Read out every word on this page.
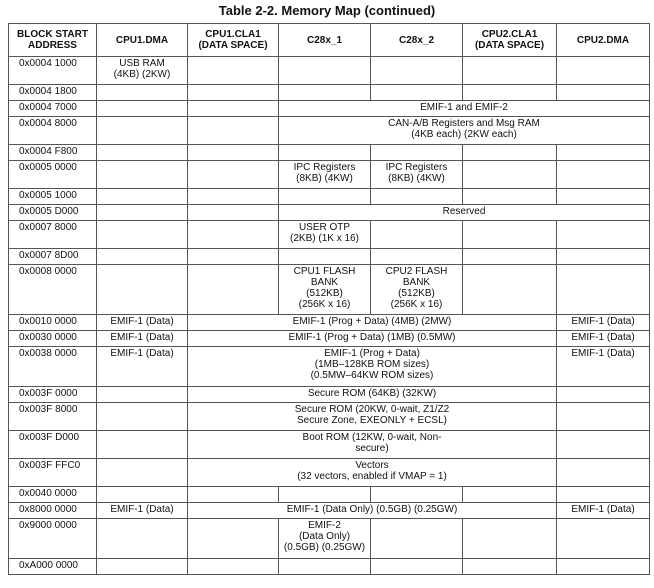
Table 2-2. Memory Map (continued)
BLOCK START
ADDRESS	CPU1.DMA	CPU1.CLA1
(DATA SPACE)	C28x_1	C28x_2	CPU2.CLA1
(DATA SPACE)	CPU2.DMA
0x0004 1000	USB RAM
(4KB) (2KW)					
0x0004 1800						
0x0004 7000			EMIF-1 and EMIF-2			
0x0004 8000			CAN-A/B Registers and Msg RAM
(4KB each) (2KW each)			
0x0004 F800						
0x0005 0000			IPC Registers
(8KB) (4KW)	IPC Registers
(8KB) (4KW)		
0x0005 1000						
0x0005 D000			Reserved			
0x0007 8000			USER OTP
(2KB) (1K x 16)			
0x0007 8D00						
0x0008 0000			CPU1 FLASH
BANK
(512KB)
(256K x 16)	CPU2 FLASH
BANK
(512KB)
(256K x 16)		
0x0010 0000	EMIF-1 (Data)	EMIF-1 (Prog + Data) (4MB) (2MW)				EMIF-1 (Data)
0x0030 0000	EMIF-1 (Data)	EMIF-1 (Prog + Data) (1MB) (0.5MW)				EMIF-1 (Data)
0x0038 0000	EMIF-1 (Data)	EMIF-1 (Prog + Data)
(1MB–128KB ROM sizes)
(0.5MW–64KW ROM sizes)				EMIF-1 (Data)
0x003F 0000		Secure ROM (64KB) (32KW)				
0x003F 8000		Secure ROM (20KW, 0-wait, Z1/Z2
Secure Zone, EXEONLY + ECSL)				
0x003F D000		Boot ROM (12KW, 0-wait, Non-
secure)				
0x003F FFC0		Vectors
(32 vectors, enabled if VMAP = 1)				
0x0040 0000						
0x8000 0000	EMIF-1 (Data)	EMIF-1 (Data Only) (0.5GB) (0.25GW)				EMIF-1 (Data)
0x9000 0000			EMIF-2
(Data Only)
(0.5GB) (0.25GW)			
0xA000 0000						
